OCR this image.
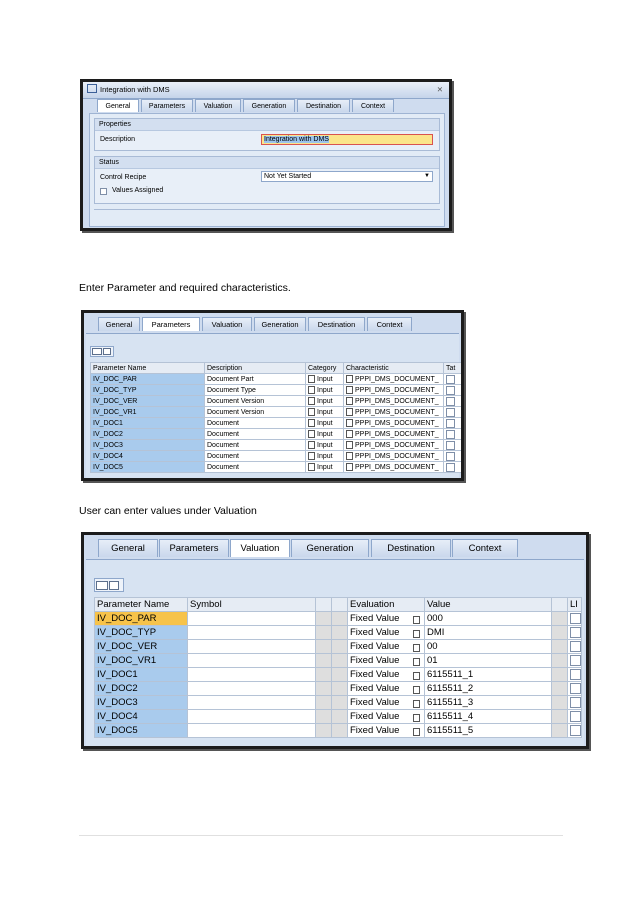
Integration with DMS	✕
General	Parameters	Valuation	Generation	Destination	Context
Properties
Description	Integration with DMS
Status
Control Recipe	Not Yet Started	▼
Values Assigned
Enter Parameter and required characteristics.
General	Parameters	Valuation	Generation	Destination	Context
Parameter Name	Description	Category	Characteristic	Tat
IV_DOC_PAR	Document Part	Input	PPPI_DMS_DOCUMENT_	
IV_DOC_TYP	Document Type	Input	PPPI_DMS_DOCUMENT_	
IV_DOC_VER	Document Version	Input	PPPI_DMS_DOCUMENT_	
IV_DOC_VR1	Document Version	Input	PPPI_DMS_DOCUMENT_	
IV_DOC1	Document	Input	PPPI_DMS_DOCUMENT_	
IV_DOC2	Document	Input	PPPI_DMS_DOCUMENT_	
IV_DOC3	Document	Input	PPPI_DMS_DOCUMENT_	
IV_DOC4	Document	Input	PPPI_DMS_DOCUMENT_	
IV_DOC5	Document	Input	PPPI_DMS_DOCUMENT_	
User can enter values under Valuation
General	Parameters	Valuation	Generation	Destination	Context
Parameter Name	Symbol			Evaluation	Value		LI
IV_DOC_PAR				Fixed Value	000		
IV_DOC_TYP				Fixed Value	DMI		
IV_DOC_VER				Fixed Value	00		
IV_DOC_VR1				Fixed Value	01		
IV_DOC1				Fixed Value	6115511_1		
IV_DOC2				Fixed Value	6115511_2		
IV_DOC3				Fixed Value	6115511_3		
IV_DOC4				Fixed Value	6115511_4		
IV_DOC5				Fixed Value	6115511_5		
